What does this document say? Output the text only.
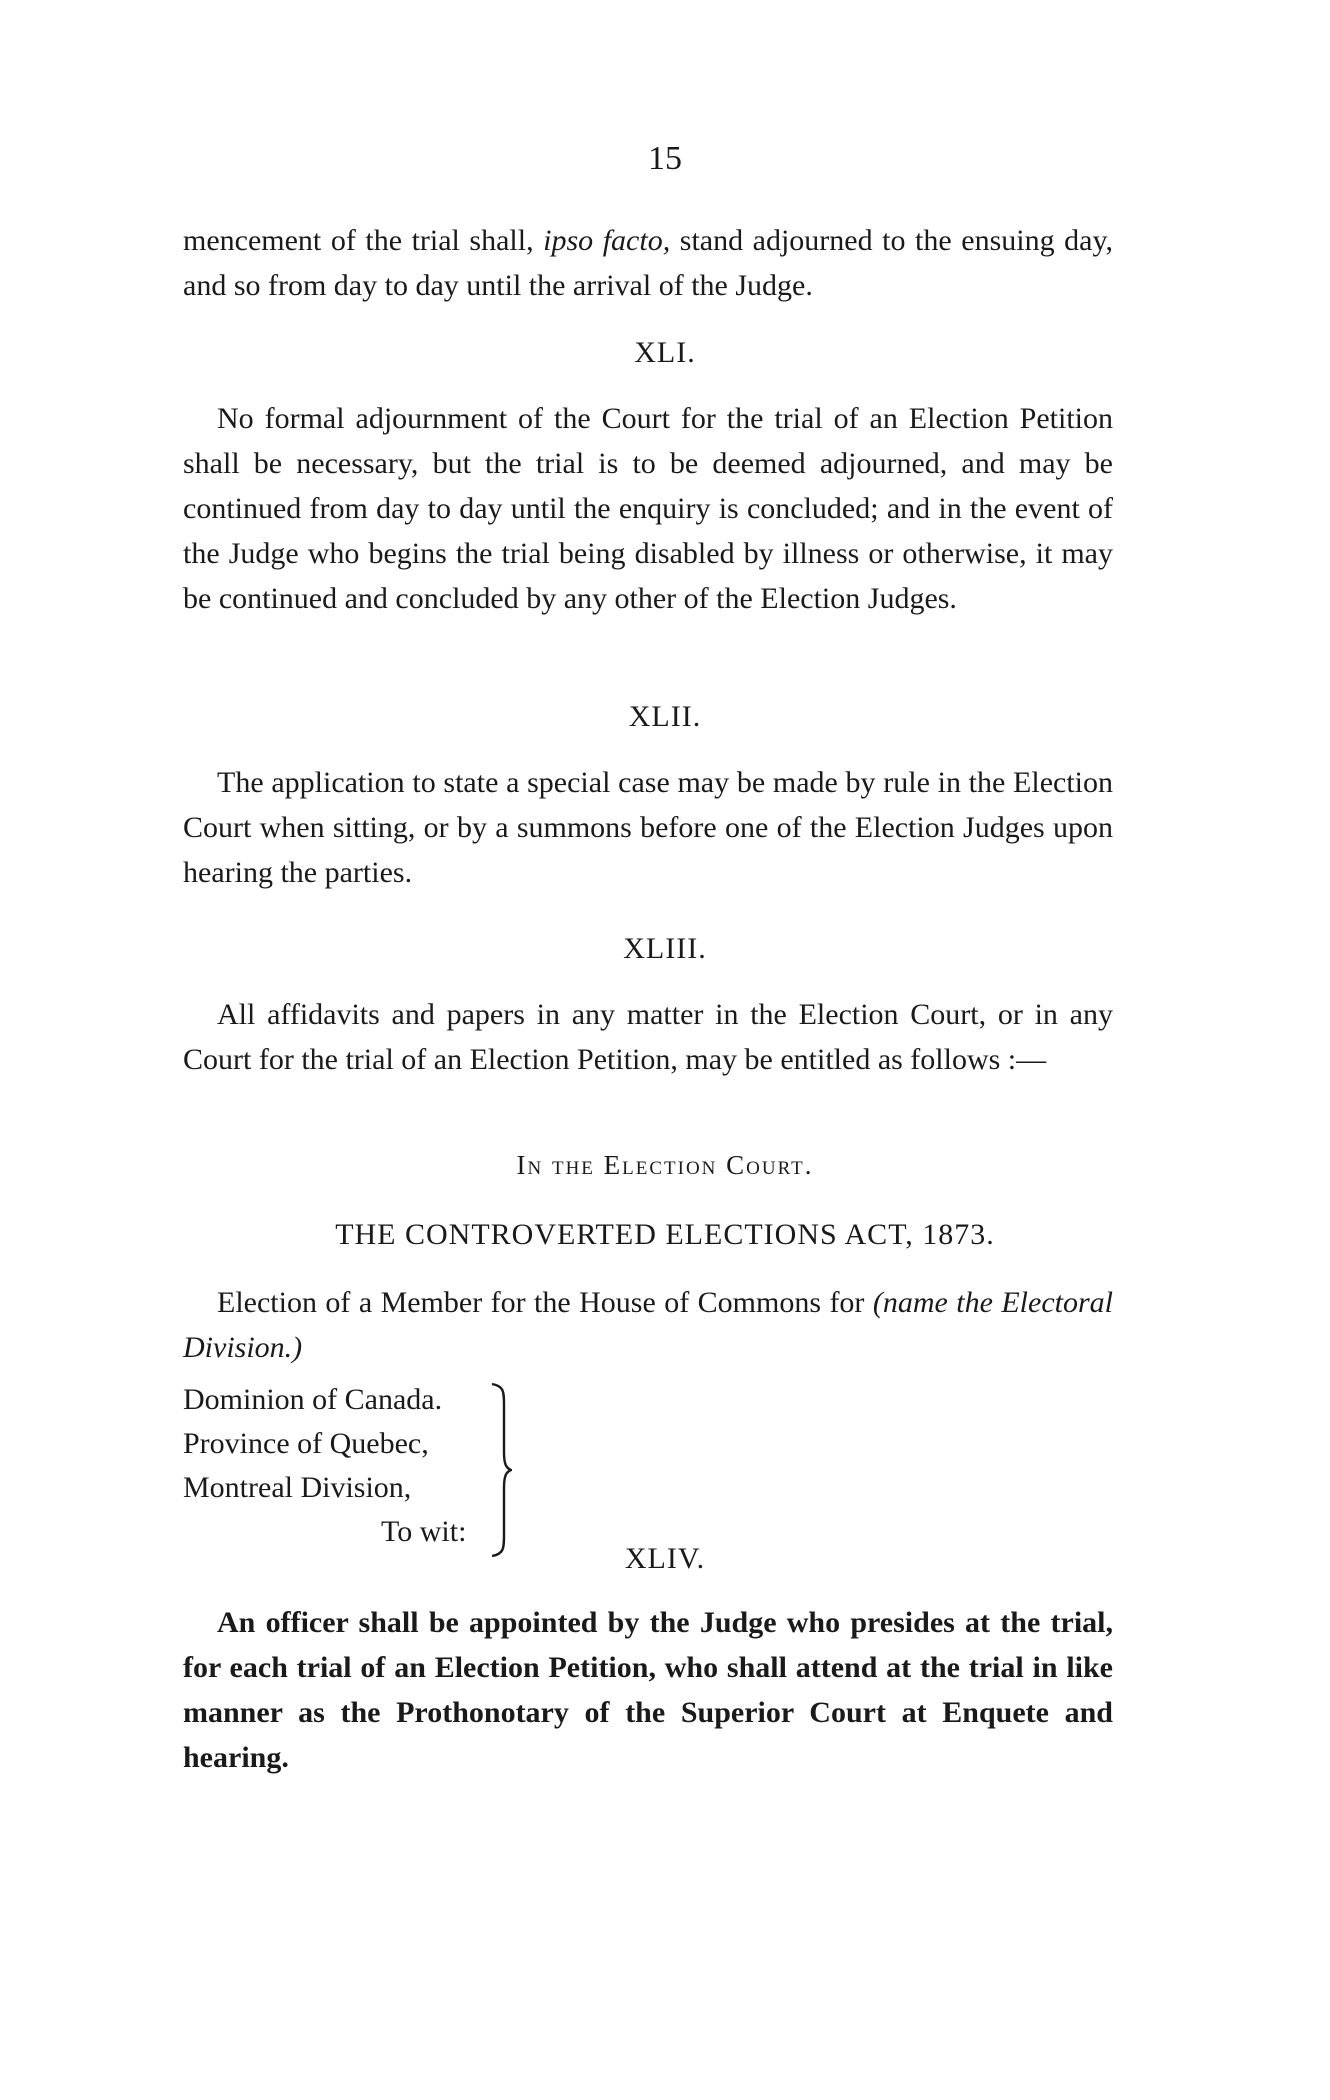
15

mencement of the trial shall, ipso facto, stand adjourned to the ensuing day, and so from day to day until the arrival of the Judge.

XLI.

No formal adjournment of the Court for the trial of an Election Petition shall be necessary, but the trial is to be deemed adjourned, and may be continued from day to day until the enquiry is concluded; and in the event of the Judge who begins the trial being disabled by illness or otherwise, it may be continued and concluded by any other of the Election Judges.

XLII.

The application to state a special case may be made by rule in the Election Court when sitting, or by a summons before one of the Election Judges upon hearing the parties.

XLIII.

All affidavits and papers in any matter in the Election Court, or in any Court for the trial of an Election Petition, may be entitled as follows :—

In the Election Court.
THE CONTROVERTED ELECTIONS ACT, 1873.

Election of a Member for the House of Commons for (name the Electoral Division.)

Dominion of Canada.
Province of Quebec,
Montreal Division,
To wit:
XLIV.

An officer shall be appointed by the Judge who presides at the trial, for each trial of an Election Petition, who shall attend at the trial in like manner as the Prothonotary of the Superior Court at Enquete and hearing.
